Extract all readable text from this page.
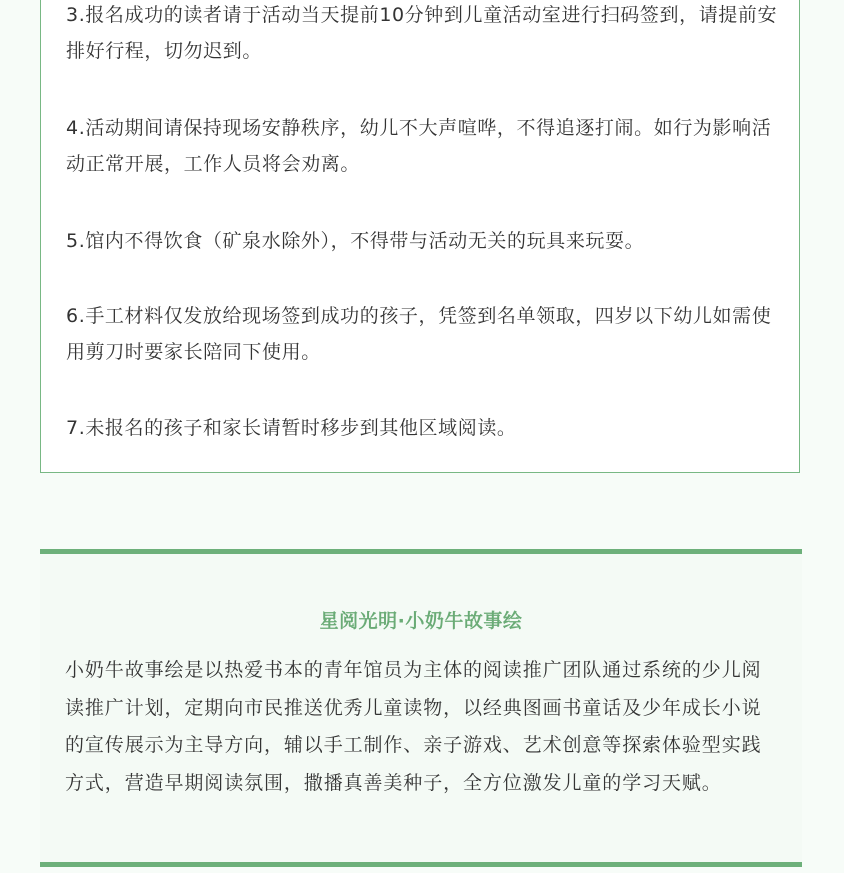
3.报名成功的读者请于活动当天提前10分钟到儿童活动室进行扫码签到，请提前安排好行程，切勿迟到。

4.活动期间请保持现场安静秩序，幼儿不大声喧哗，不得追逐打闹。如行为影响活动正常开展，工作人员将会劝离。

5.馆内不得饮食（矿泉水除外），不得带与活动无关的玩具来玩耍。

6.手工材料仅发放给现场签到成功的孩子，凭签到名单领取，四岁以下幼儿如需使用剪刀时要家长陪同下使用。

7.未报名的孩子和家长请暂时移步到其他区域阅读。

星阅光明·小奶牛故事绘

小奶牛故事绘是以热爱书本的青年馆员为主体的阅读推广团队通过系统的少儿阅读推广计划，定期向市民推送优秀儿童读物，以经典图画书童话及少年成长小说的宣传展示为主导方向，辅以手工制作、亲子游戏、艺术创意等探索体验型实践方式，营造早期阅读氛围，撒播真善美种子，全方位激发儿童的学习天赋。
